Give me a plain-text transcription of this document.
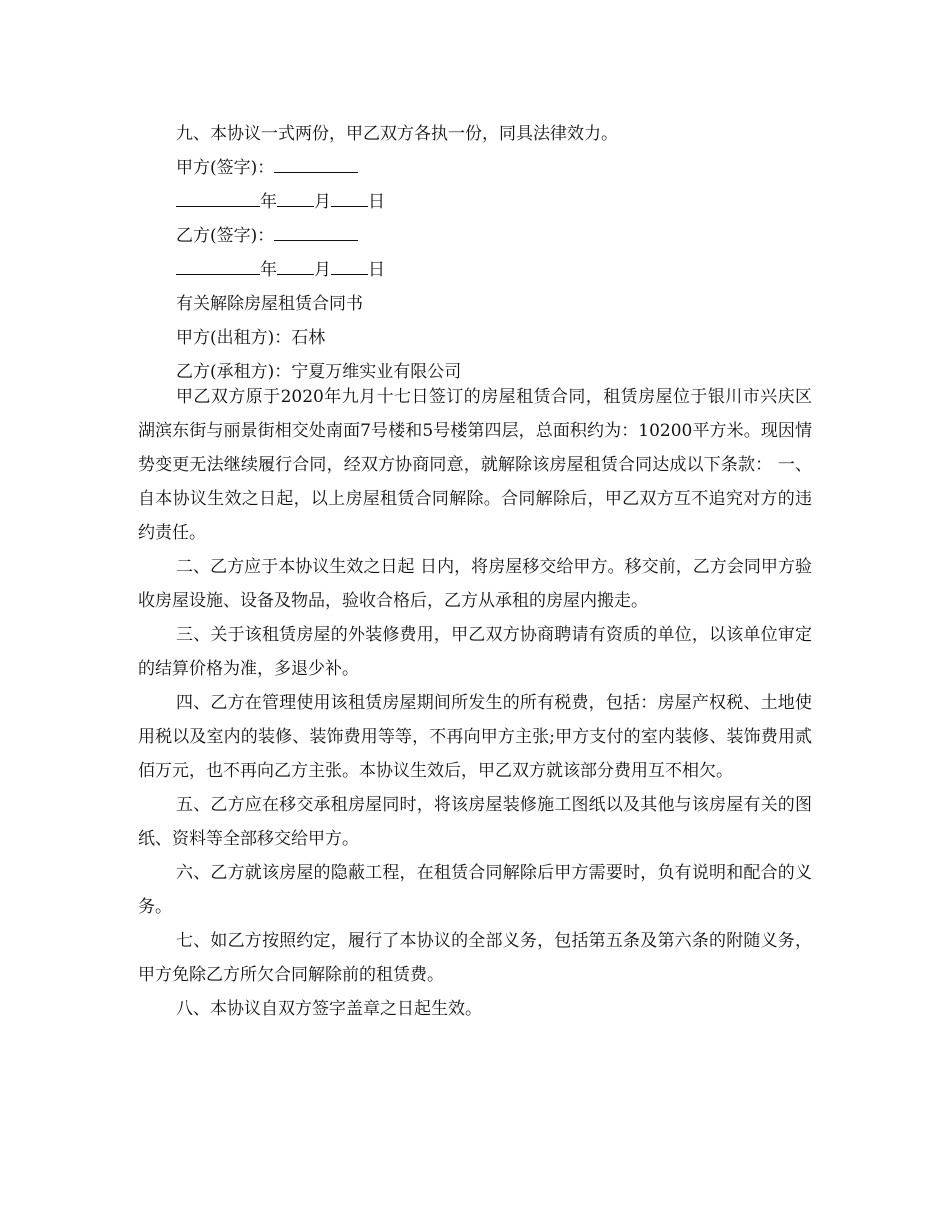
九、本协议一式两份，甲乙双方各执一份，同具法律效力。
甲方(签字)：
年 月 日
乙方(签字)：
年 月 日
有关解除房屋租赁合同书
甲方(出租方)：石林
乙方(承租方)：宁夏万维实业有限公司

甲乙双方原于2020年九月十七日签订的房屋租赁合同，租赁房屋位于银川市兴庆区湖滨东街与丽景街相交处南面7号楼和5号楼第四层，总面积约为：10200平方米。现因情势变更无法继续履行合同，经双方协商同意，就解除该房屋租赁合同达成以下条款： 一、自本协议生效之日起，以上房屋租赁合同解除。合同解除后，甲乙双方互不追究对方的违约责任。

二、乙方应于本协议生效之日起 日内，将房屋移交给甲方。移交前，乙方会同甲方验收房屋设施、设备及物品，验收合格后，乙方从承租的房屋内搬走。

三、关于该租赁房屋的外装修费用，甲乙双方协商聘请有资质的单位，以该单位审定的结算价格为准，多退少补。

四、乙方在管理使用该租赁房屋期间所发生的所有税费，包括：房屋产权税、土地使用税以及室内的装修、装饰费用等等，不再向甲方主张;甲方支付的室内装修、装饰费用贰佰万元，也不再向乙方主张。本协议生效后，甲乙双方就该部分费用互不相欠。

五、乙方应在移交承租房屋同时，将该房屋装修施工图纸以及其他与该房屋有关的图纸、资料等全部移交给甲方。

六、乙方就该房屋的隐蔽工程，在租赁合同解除后甲方需要时，负有说明和配合的义务。

七、如乙方按照约定，履行了本协议的全部义务，包括第五条及第六条的附随义务，甲方免除乙方所欠合同解除前的租赁费。

八、本协议自双方签字盖章之日起生效。
